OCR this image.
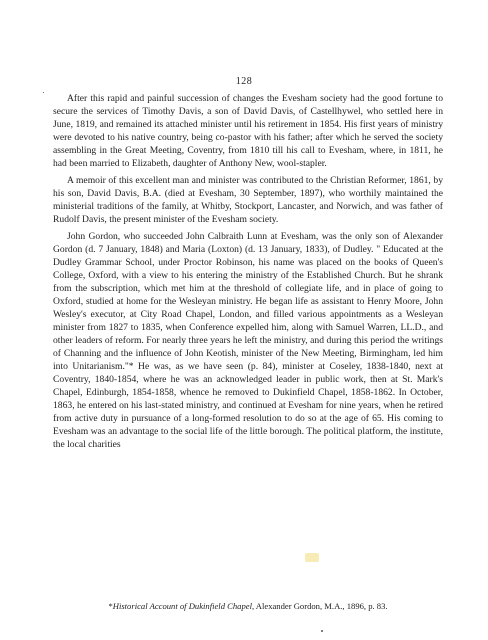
128

After this rapid and painful succession of changes the Evesham society had the good fortune to secure the services of Timothy Davis, a son of David Davis, of Castellhywel, who settled here in June, 1819, and remained its attached minister until his retirement in 1854. His first years of ministry were devoted to his native country, being co-pastor with his father; after which he served the society assembling in the Great Meeting, Coventry, from 1810 till his call to Evesham, where, in 1811, he had been married to Elizabeth, daughter of Anthony New, wool-stapler.

A memoir of this excellent man and minister was contributed to the Christian Reformer, 1861, by his son, David Davis, B.A. (died at Evesham, 30 September, 1897), who worthily maintained the ministerial traditions of the family, at Whitby, Stockport, Lancaster, and Norwich, and was father of Rudolf Davis, the present minister of the Evesham society.

John Gordon, who succeeded John Calbraith Lunn at Evesham, was the only son of Alexander Gordon (d. 7 January, 1848) and Maria (Loxton) (d. 13 January, 1833), of Dudley. " Educated at the Dudley Grammar School, under Proctor Robinson, his name was placed on the books of Queen's College, Oxford, with a view to his entering the ministry of the Established Church. But he shrank from the subscription, which met him at the threshold of collegiate life, and in place of going to Oxford, studied at home for the Wesleyan ministry. He began life as assistant to Henry Moore, John Wesley's executor, at City Road Chapel, London, and filled various appointments as a Wesleyan minister from 1827 to 1835, when Conference expelled him, along with Samuel Warren, LL.D., and other leaders of reform. For nearly three years he left the ministry, and during this period the writings of Channing and the influence of John Keotish, minister of the New Meeting, Birmingham, led him into Unitarianism."* He was, as we have seen (p. 84), minister at Coseley, 1838-1840, next at Coventry, 1840-1854, where he was an acknowledged leader in public work, then at St. Mark's Chapel, Edinburgh, 1854-1858, whence he removed to Dukinfield Chapel, 1858-1862. In October, 1863, he entered on his last-stated ministry, and continued at Evesham for nine years, when he retired from active duty in pursuance of a long-formed resolution to do so at the age of 65. His coming to Evesham was an advantage to the social life of the little borough. The political platform, the institute, the local charities

*Historical Account of Dukinfield Chapel, Alexander Gordon, M.A., 1896, p. 83.
